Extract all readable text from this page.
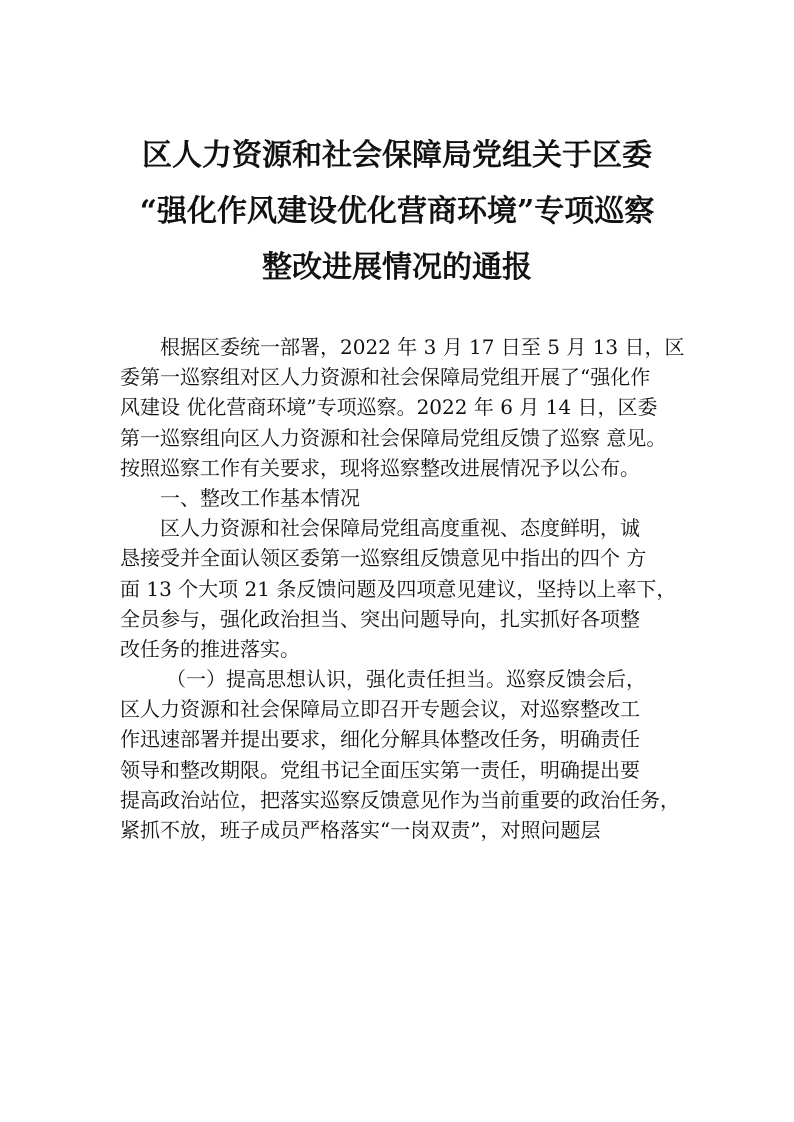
区人力资源和社会保障局党组关于区委
“强化作风建设优化营商环境”专项巡察
整改进展情况的通报
根据区委统一部署，2022 年 3 月 17 日至 5 月 13 日，区
委第一巡察组对区人力资源和社会保障局党组开展了“强化作
风建设 优化营商环境”专项巡察。2022 年 6 月 14 日，区委
第一巡察组向区人力资源和社会保障局党组反馈了巡察 意见。
按照巡察工作有关要求，现将巡察整改进展情况予以公布。
一、整改工作基本情况
区人力资源和社会保障局党组高度重视、态度鲜明，诚
恳接受并全面认领区委第一巡察组反馈意见中指出的四个 方
面 13 个大项 21 条反馈问题及四项意见建议，坚持以上率下，
全员参与，强化政治担当、突出问题导向，扎实抓好各项整
改任务的推进落实。
（一）提高思想认识，强化责任担当。巡察反馈会后，
区人力资源和社会保障局立即召开专题会议，对巡察整改工
作迅速部署并提出要求，细化分解具体整改任务，明确责任
领导和整改期限。党组书记全面压实第一责任，明确提出要
提高政治站位，把落实巡察反馈意见作为当前重要的政治任务，
紧抓不放，班子成员严格落实“一岗双责”，对照问题层
